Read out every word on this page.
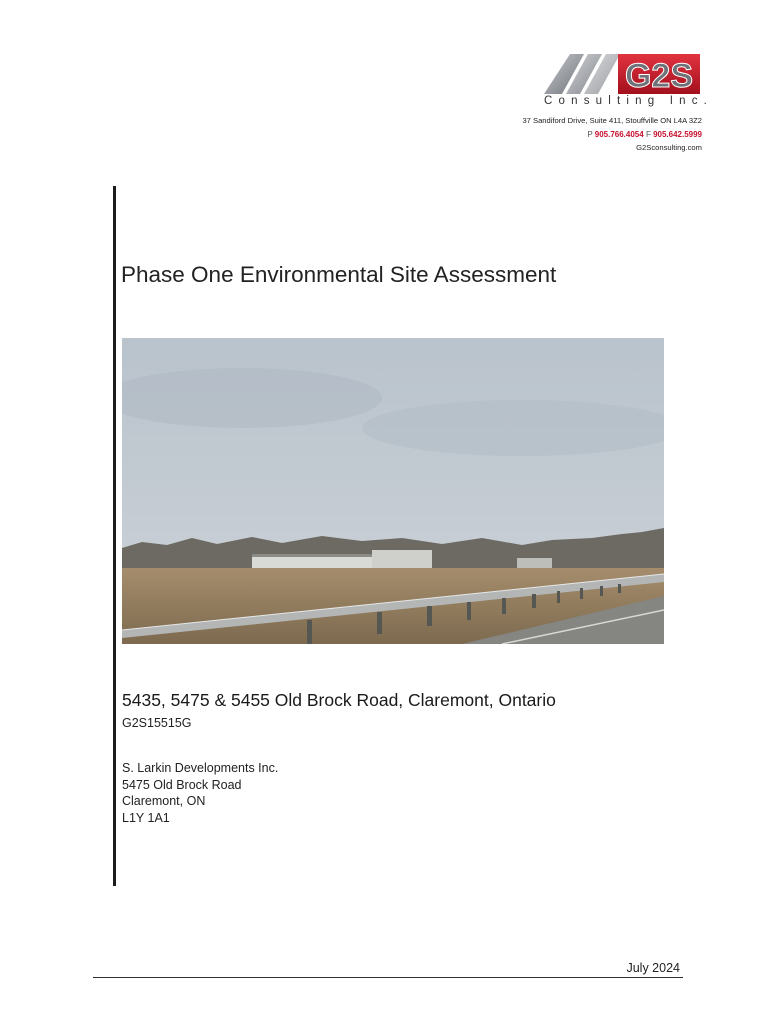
G2S
Consulting Inc.
37 Sandiford Drive, Suite 411, Stouffville ON L4A 3Z2
P 905.766.4054 F 905.642.5999
G2Sconsulting.com
Phase One Environmental Site Assessment
5435, 5475 & 5455 Old Brock Road, Claremont, Ontario
G2S15515G
S. Larkin Developments Inc.
5475 Old Brock Road
Claremont, ON
L1Y 1A1
July 2024
